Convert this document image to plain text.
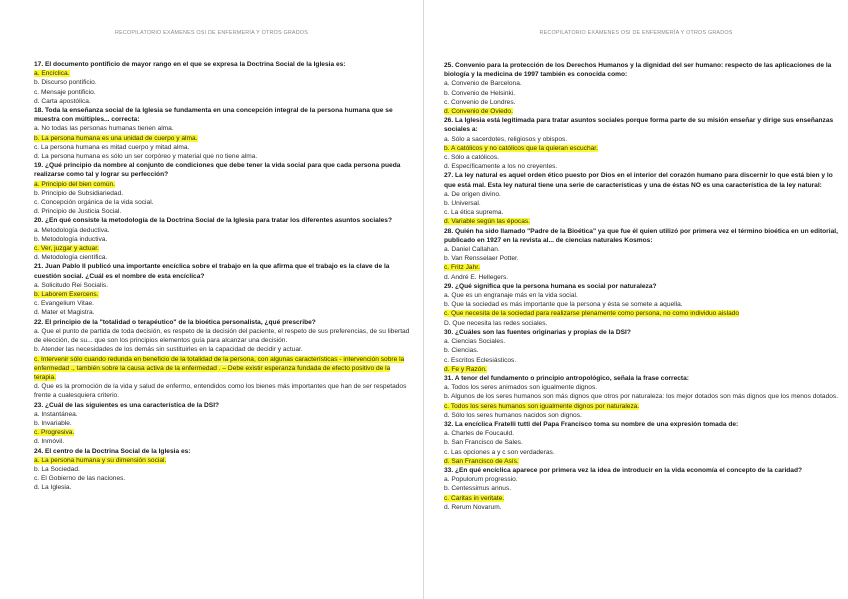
RECOPILATORIO EXÁMENES OSI DE ENFERMERÍA Y OTROS GRADOS
17. El documento pontificio de mayor rango en el que se expresa la Doctrina Social de la Iglesia es:
a. Encíclica.
b. Discurso pontificio.
c. Mensaje pontificio.
d. Carta apostólica.
18. Toda la enseñanza social de la Iglesia se fundamenta en una concepción integral de la persona humana que se muestra con múltiples... correcta:
a. No todas las personas humanas tienen alma.
b. La persona humana es una unidad de cuerpo y alma.
c. La persona humana es mitad cuerpo y mitad alma.
d. La persona humana es sólo un ser corpóreo y material que no tiene alma.
19. ¿Qué principio da nombre al conjunto de condiciones que debe tener la vida social para que cada persona pueda realizarse como tal y lograr su perfección?
a. Principio del bien común.
b. Principio de Subsidiariedad.
c. Concepción orgánica de la vida social.
d. Principio de Justicia Social.
20. ¿En qué consiste la metodología de la Doctrina Social de la Iglesia para tratar los diferentes asuntos sociales?
a. Metodología deductiva.
b. Metodología inductiva.
c. Ver, juzgar y actuar.
d. Metodología científica.
21. Juan Pablo II publicó una importante encíclica sobre el trabajo en la que afirma que el trabajo es la clave de la cuestión social. ¿Cuál es el nombre de esta encíclica?
a. Solicitudo Rei Socialis.
b. Laborem Exercens.
c. Evangelium Vitae.
d. Mater et Magistra.
22. El principio de la "totalidad o terapéutico" de la bioética personalista, ¿qué prescribe?
a. Que el punto de partida de toda decisión, es respeto de la decisión del paciente, el respeto de sus preferencias, de su libertad de elección, de su... que son los principios elementos guía para alcanzar una decisión.
b. Atender las necesidades de los demás sin sustituirles en la capacidad de decidir y actuar.
c. Intervenir sólo cuando redunda en beneficio de la totalidad de la persona, con algunas características - intervención sobre la enfermedad ., también sobre la causa activa de la enfermedad . – Debe existir esperanza fundada de efecto positivo de la terapia.
d. Que es la promoción de la vida y salud de enfermo, entendidos como los bienes más importantes que han de ser respetados frente a cualesquiera criterio.
23. ¿Cuál de las siguientes es una característica de la DSI?
a. Instantánea.
b. Invariable.
c. Progresiva.
d. Inmóvil.
24. El centro de la Doctrina Social de la Iglesia es:
a. La persona humana y su dimensión social.
b. La Sociedad.
c. El Gobierno de las naciones.
d. La Iglesia.
RECOPILATORIO EXÁMENES OSI DE ENFERMERÍA Y OTROS GRADOS
25. Convenio para la protección de los Derechos Humanos y la dignidad del ser humano: respecto de las aplicaciones de la biología y la medicina de 1997 también es conocida como:
a. Convenio de Barcelona.
b. Convenio de Helsinki.
c. Convenio de Londres.
d. Convenio de Oviedo.
26. La Iglesia está legitimada para tratar asuntos sociales porque forma parte de su misión enseñar y dirige sus enseñanzas sociales a:
a. Sólo a sacerdotes, religiosos y obispos.
b. A católicos y no católicos que la quieran escuchar.
c. Sólo a católicos.
d. Específicamente a los no creyentes.
27. La ley natural es aquel orden ético puesto por Dios en el interior del corazón humano para discernir lo que está bien y lo que está mal. Esta ley natural tiene una serie de características y una de éstas NO es una característica de la ley natural:
a. De origen divino.
b. Universal.
c. La ética suprema.
d. Variable según las épocas.
28. Quién ha sido llamado "Padre de la Bioética" ya que fue él quien utilizó por primera vez el término bioética en un editorial, publicado en 1927 en la revista al... de ciencias naturales Kosmos:
a. Daniel Callahan.
b. Van Rensselaer Potter.
c. Fritz Jahr.
d. André E. Hellegers.
29. ¿Qué significa que la persona humana es social por naturaleza?
a. Que es un engranaje más en la vida social.
b. Que la sociedad es más importante que la persona y ésta se somete a aquella.
c. Que necesita de la sociedad para realizarse plenamente como persona, no como individuo aislado
D. Que necesita las redes sociales.
30. ¿Cuáles son las fuentes originarias y propias de la DSI?
a. Ciencias Sociales.
b. Ciencias.
c. Escritos Eclesiásticos.
d. Fe y Razón.
31. A tenor del fundamento o principio antropológico, señala la frase correcta:
a. Todos los seres animados son igualmente dignos.
b. Algunos de los seres humanos son más dignos que otros por naturaleza: los mejor dotados son más dignos que los menos dotados.
c. Todos los seres humanos son igualmente dignos por naturaleza.
d. Sólo los seres humanos nacidos son dignos.
32. La encíclica Fratelli tutti del Papa Francisco toma su nombre de una expresión tomada de:
a. Charles de Foucauld.
b. San Francisco de Sales.
c. Las opciones a y c son verdaderas.
d. San Francisco de Asís.
33. ¿En qué encíclica aparece por primera vez la idea de introducir en la vida economía el concepto de la caridad?
a. Populorum progressio.
b. Centessimus annus.
c. Caritas in veritate.
d. Rerum Novarum.
